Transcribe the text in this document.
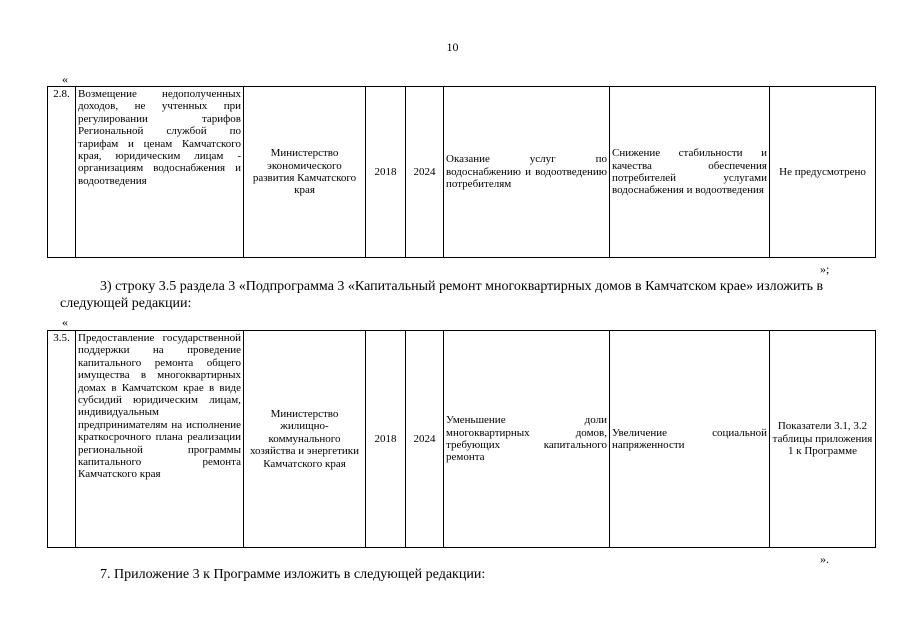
10
«
2.8.	Возмещение недополученных доходов, не учтенных при регулировании тарифов Региональной службой по тарифам и ценам Камчатского края, юридическим лицам - организациям водоснабжения и водоотведения	Министерство экономического развития Камчатского края	2018	2024	Оказание услуг по водоснабжению и водоотведению потребителям	Снижение стабильности и качества обеспечения потребителей услугами водоснабжения и водоотведения	Не предусмотрено
»;
3) строку 3.5 раздела 3 «Подпрограмма 3 «Капитальный ремонт многоквартирных домов в Камчатском крае» изложить в следующей редакции:
«
3.5.	Предоставление государственной поддержки на проведение капитального ремонта общего имущества в многоквартирных домах в Камчатском крае в виде субсидий юридическим лицам, индивидуальным предпринимателям на исполнение краткосрочного плана реализации региональной программы капитального ремонта Камчатского края	Министерство жилищно-коммунального хозяйства и энергетики Камчатского края	2018	2024	Уменьшение доли многоквартирных домов, требующих капитального ремонта	Увеличение социальной напряженности	Показатели 3.1, 3.2 таблицы приложения 1 к Программе
».
7. Приложение 3 к Программе изложить в следующей редакции:
